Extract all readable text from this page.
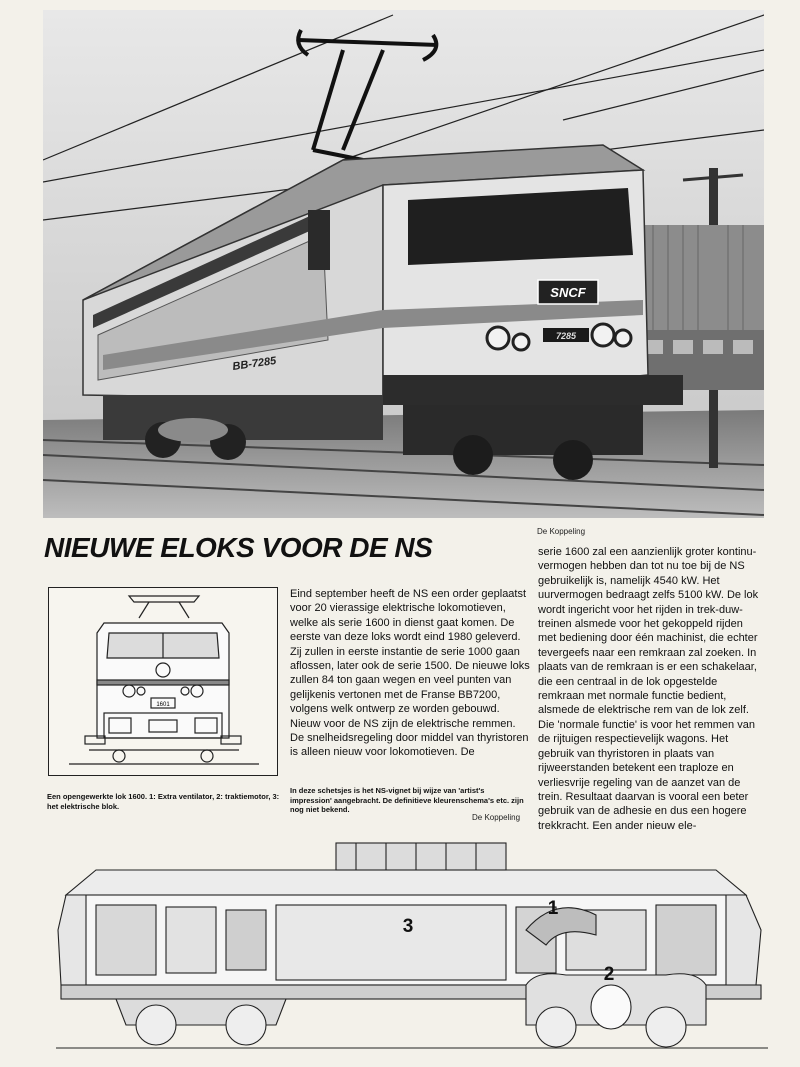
SNCF
7285
BB-7285
De Koppeling
NIEUWE ELOKS VOOR DE NS
1601
Een opengewerkte lok 1600. 1: Extra ventilator, 2: traktiemotor, 3: het elektrische blok.
Eind september heeft de NS een order geplaatst voor 20 vierassige elektrische lokomotieven, welke als serie 1600 in dienst gaat komen. De eerste van deze loks wordt eind 1980 geleverd. Zij zullen in eerste instantie de serie 1000 gaan aflossen, later ook de serie 1500. De nieuwe loks zullen 84 ton gaan wegen en veel punten van gelijkenis vertonen met de Franse BB7200, volgens welk ontwerp ze worden gebouwd. Nieuw voor de NS zijn de elektrische remmen. De snelheidsregeling door middel van thyristoren is alleen nieuw voor lokomotieven. De
serie 1600 zal een aanzienlijk groter kontinu-vermogen hebben dan tot nu toe bij de NS gebruikelijk is, namelijk 4540 kW. Het uurvermogen bedraagt zelfs 5100 kW. De lok wordt ingericht voor het rijden in trek-duw-treinen alsmede voor het gekoppeld rijden met bediening door één machinist, die echter tevergeefs naar een remkraan zal zoeken. In plaats van de remkraan is er een schakelaar, die een centraal in de lok opgestelde remkraan met normale functie bedient, alsmede de elektrische rem van de lok zelf. Die 'normale functie' is voor het remmen van de rijtuigen respectievelijk wagons. Het gebruik van thyristoren in plaats van rijweerstanden betekent een traploze en verliesvrije regeling van de aanzet van de trein. Resultaat daarvan is vooral een beter gebruik van de adhesie en dus een hogere trekkracht. Een ander nieuw ele-
In deze schetsjes is het NS-vignet bij wijze van 'artist's impression' aangebracht. De definitieve kleurenschema's etc. zijn nog niet bekend.
De Koppeling
3
1
2
